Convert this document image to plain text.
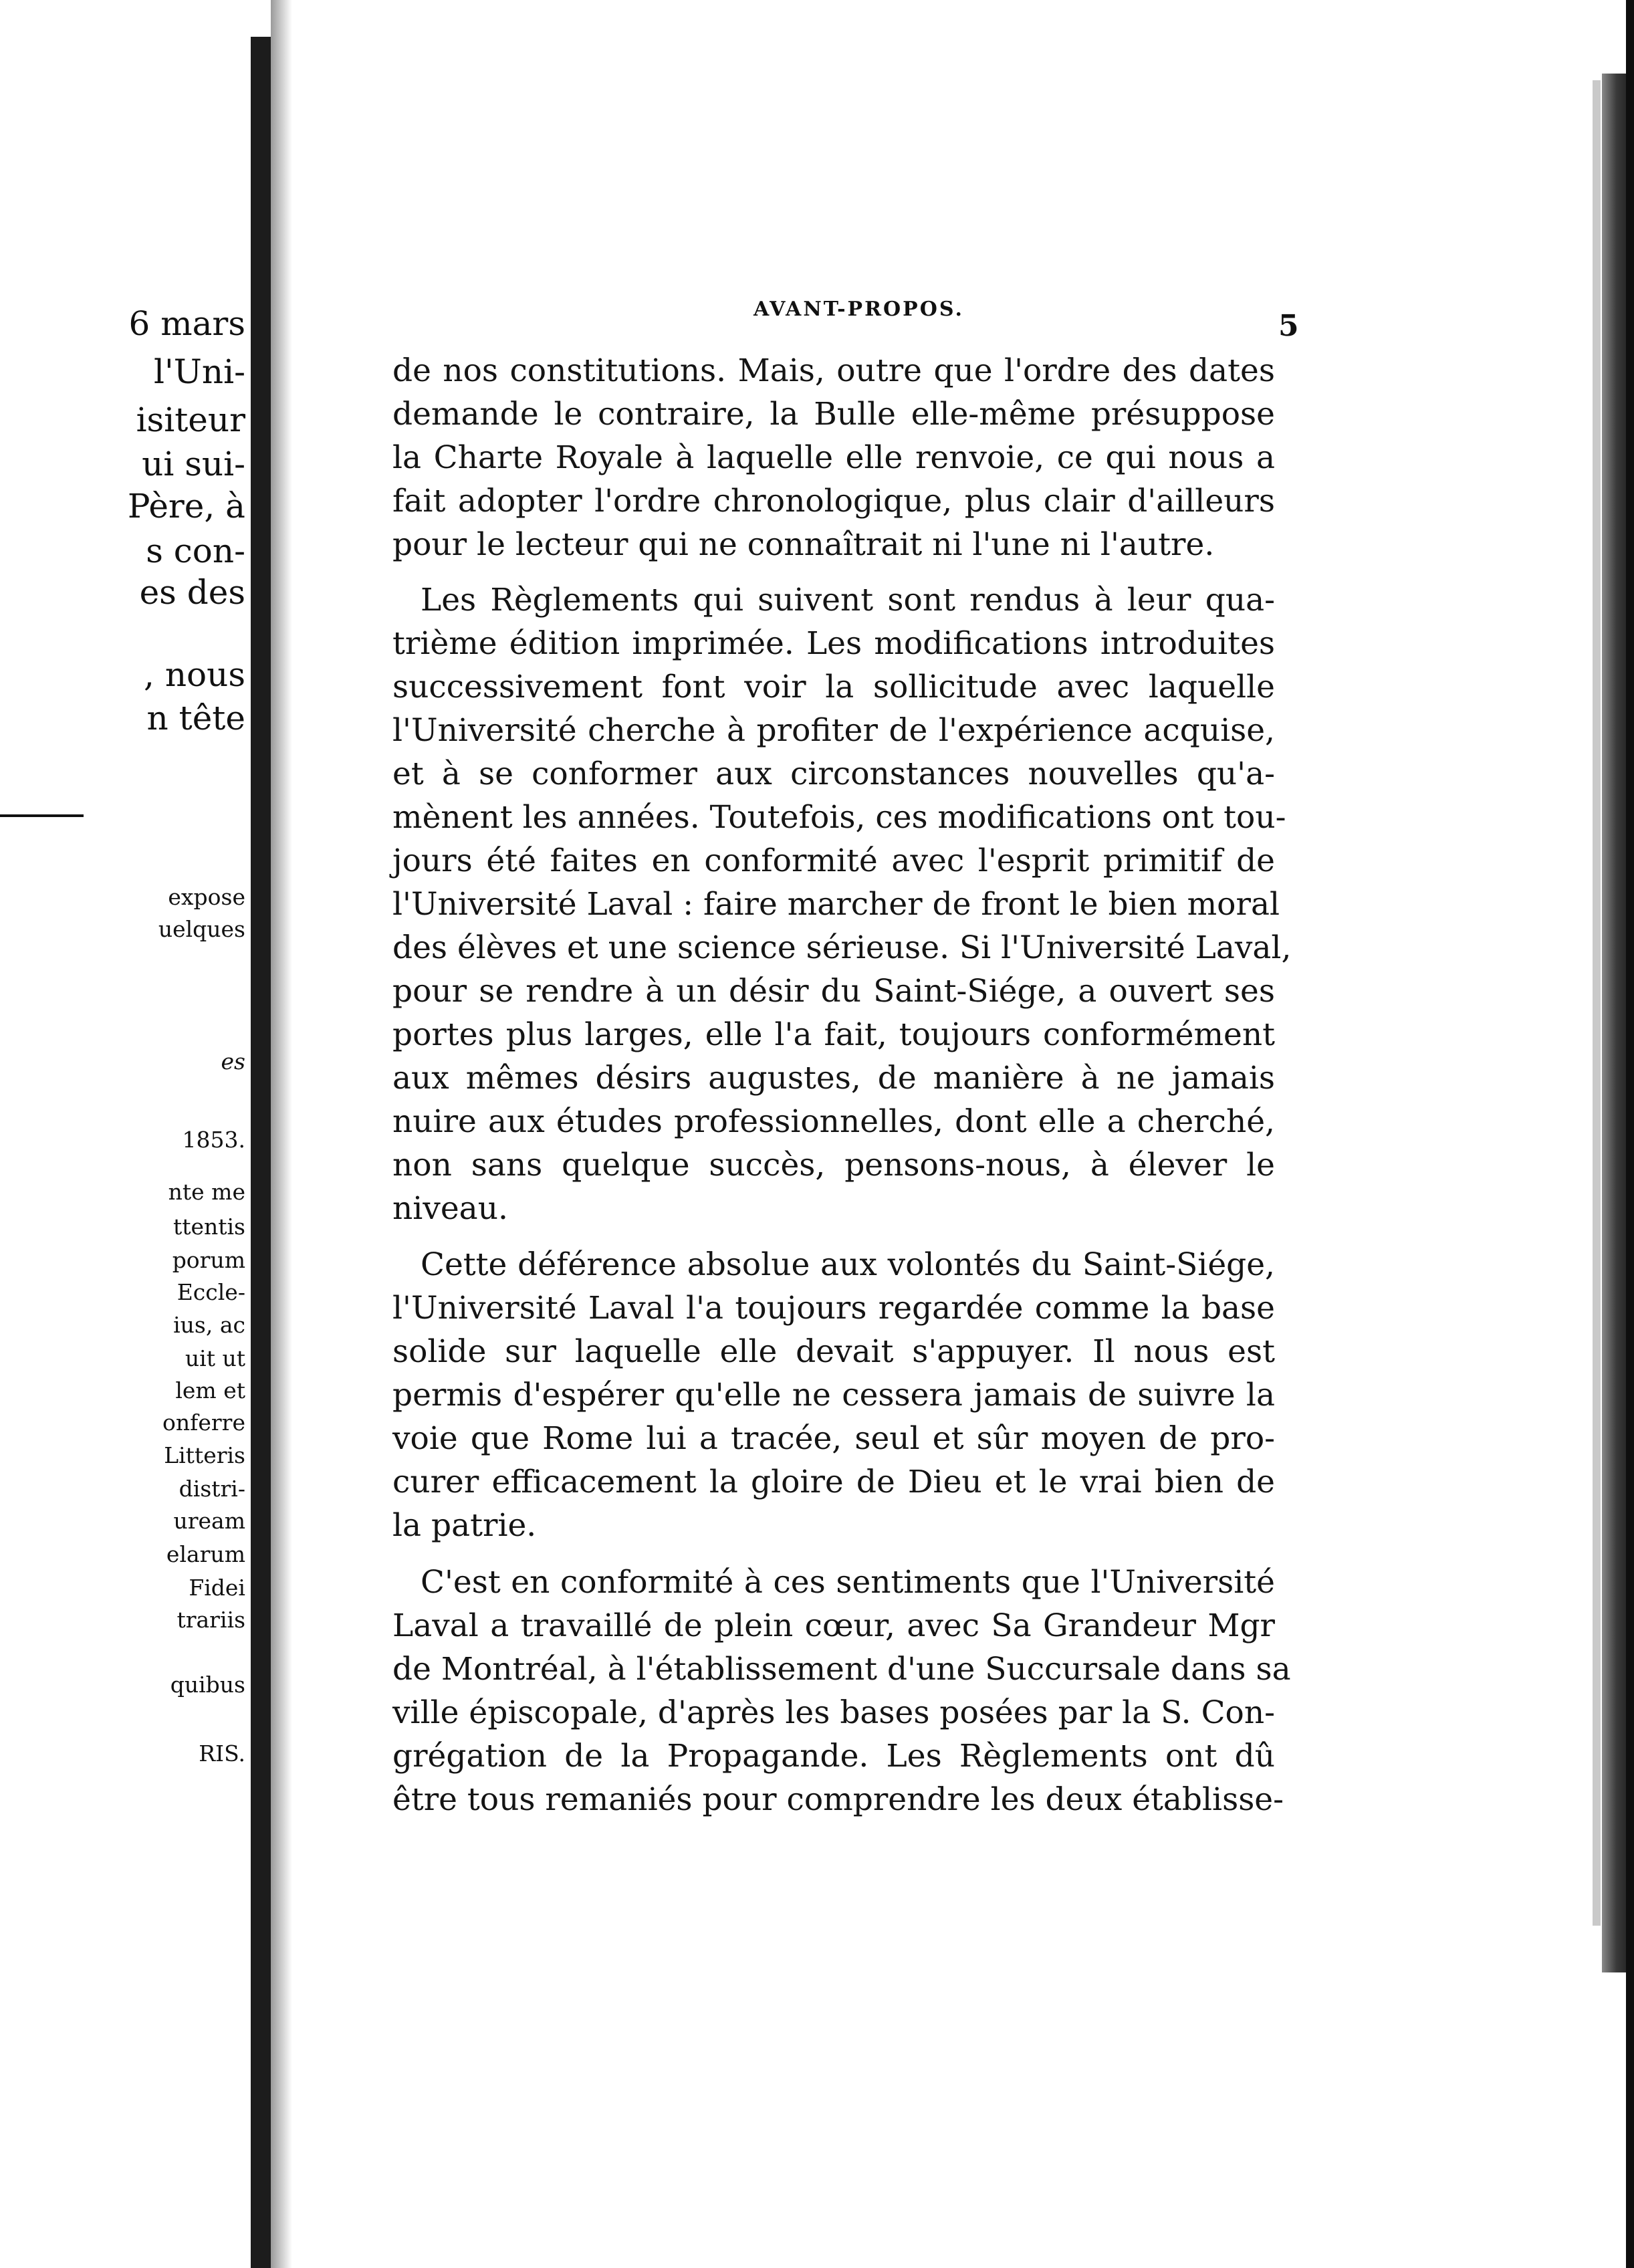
6 mars
l'Uni-
isiteur
ui sui-
Père, à
s con-
es des
, nous
n tête
expose
uelques
es
1853.
nte me
ttentis
porum
Eccle-
ius, ac
uit ut
lem et
onferre
Litteris
distri-
uream
elarum
Fidei
trariis
quibus
RIS.
AVANT-PROPOS.	5
de nos constitutions. Mais, outre que l'ordre des dates
demande le contraire, la Bulle elle-même présuppose
la Charte Royale à laquelle elle renvoie, ce qui nous a
fait adopter l'ordre chronologique, plus clair d'ailleurs
pour le lecteur qui ne connaîtrait ni l'une ni l'autre.
Les Règlements qui suivent sont rendus à leur qua-
trième édition imprimée. Les modifications introduites
successivement font voir la sollicitude avec laquelle
l'Université cherche à profiter de l'expérience acquise,
et à se conformer aux circonstances nouvelles qu'a-
mènent les années. Toutefois, ces modifications ont tou-
jours été faites en conformité avec l'esprit primitif de
l'Université Laval : faire marcher de front le bien moral
des élèves et une science sérieuse. Si l'Université Laval,
pour se rendre à un désir du Saint-Siége, a ouvert ses
portes plus larges, elle l'a fait, toujours conformément
aux mêmes désirs augustes, de manière à ne jamais
nuire aux études professionnelles, dont elle a cherché,
non sans quelque succès, pensons-nous, à élever le
niveau.
Cette déférence absolue aux volontés du Saint-Siége,
l'Université Laval l'a toujours regardée comme la base
solide sur laquelle elle devait s'appuyer. Il nous est
permis d'espérer qu'elle ne cessera jamais de suivre la
voie que Rome lui a tracée, seul et sûr moyen de pro-
curer efficacement la gloire de Dieu et le vrai bien de
la patrie.
C'est en conformité à ces sentiments que l'Université
Laval a travaillé de plein cœur, avec Sa Grandeur Mgr
de Montréal, à l'établissement d'une Succursale dans sa
ville épiscopale, d'après les bases posées par la S. Con-
grégation de la Propagande. Les Règlements ont dû
être tous remaniés pour comprendre les deux établisse-
